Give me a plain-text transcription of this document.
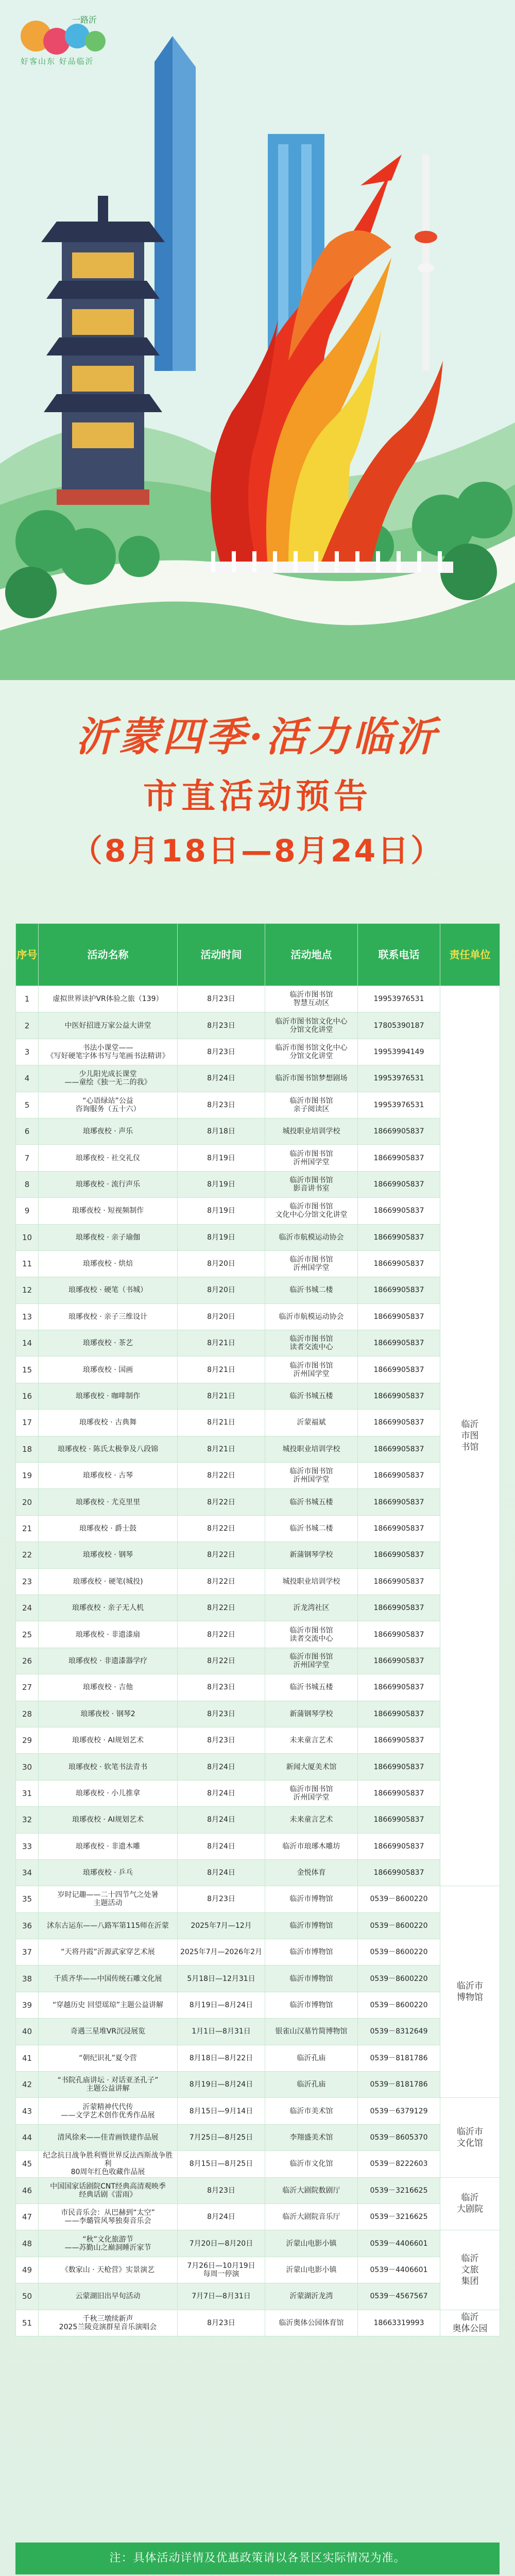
一路沂
好客山东 好品临沂
沂蒙四季·活力临沂
市直活动预告
（8月18日—8月24日）
序号	活动名称	活动时间	活动地点	联系电话	责任单位
1	虚拟世界读护VR体验之旅（139）	8月23日	临沂市图书馆
智慧互动区	19953976531	临沂
市图
书馆
2	中医好招进万家公益大讲堂	8月23日	临沂市图书馆文化中心
分馆文化讲堂	17805390187	
3	书法小课堂——
《写好硬笔字体书写与笔画书法精讲》	8月23日	临沂市图书馆文化中心
分馆文化讲堂	19953994149	
4	少儿阳光成长课堂
——童绘《独一无二的我》	8月24日	临沂市图书馆梦想剧场	19953976531	
5	“心语绿站”公益
咨询服务（五十六）	8月23日	临沂市图书馆
亲子阅读区	19953976531	
6	琅琊夜校 · 声乐	8月18日	城投职业培训学校	18669905837	
7	琅琊夜校 · 社交礼仪	8月19日	临沂市图书馆
沂州国学堂	18669905837	
8	琅琊夜校 · 流行声乐	8月19日	临沂市图书馆
影音讲书室	18669905837	
9	琅琊夜校 · 短视频制作	8月19日	临沂市图书馆
文化中心分馆文化讲堂	18669905837	
10	琅琊夜校 · 亲子瑜伽	8月19日	临沂市航模运动协会	18669905837	
11	琅琊夜校 · 烘焙	8月20日	临沂市图书馆
沂州国学堂	18669905837	
12	琅琊夜校 · 硬笔（书城）	8月20日	临沂书城二楼	18669905837	
13	琅琊夜校 · 亲子三维设计	8月20日	临沂市航模运动协会	18669905837	
14	琅琊夜校 · 茶艺	8月21日	临沂市图书馆
读者交流中心	18669905837	
15	琅琊夜校 · 国画	8月21日	临沂市图书馆
沂州国学堂	18669905837	
16	琅琊夜校 · 咖啡制作	8月21日	临沂书城五楼	18669905837	
17	琅琊夜校 · 古典舞	8月21日	沂蒙福斌	18669905837	
18	琅琊夜校 · 陈氏太极拳及八段锦	8月21日	城投职业培训学校	18669905837	
19	琅琊夜校 · 古琴	8月22日	临沂市图书馆
沂州国学堂	18669905837	
20	琅琊夜校 · 尤克里里	8月22日	临沂书城五楼	18669905837	
21	琅琊夜校 · 爵士鼓	8月22日	临沂书城二楼	18669905837	
22	琅琊夜校 · 钢琴	8月22日	新蒲钢琴学校	18669905837	
23	琅琊夜校 · 硬笔(城投)	8月22日	城投职业培训学校	18669905837	
24	琅琊夜校 · 亲子无人机	8月22日	沂龙湾社区	18669905837	
25	琅琊夜校 · 非遗漆扇	8月22日	临沂市图书馆
读者交流中心	18669905837	
26	琅琊夜校 · 非遗漆器学疗	8月22日	临沂市图书馆
沂州国学堂	18669905837	
27	琅琊夜校 · 吉他	8月23日	临沂书城五楼	18669905837	
28	琅琊夜校 · 钢琴2	8月23日	新蒲钢琴学校	18669905837	
29	琅琊夜校 · AI规划艺术	8月23日	未来童言艺术	18669905837	
30	琅琊夜校 · 软笔书法青书	8月24日	新闻大厦美术馆	18669905837	
31	琅琊夜校 · 小儿推拿	8月24日	临沂市图书馆
沂州国学堂	18669905837	
32	琅琊夜校 · AI规划艺术	8月24日	未来童言艺术	18669905837	
33	琅琊夜校 · 非遗木雕	8月24日	临沂市琅琊木雕坊	18669905837	
34	琅琊夜校 · 乒乓	8月24日	金悦体育	18669905837	
35	岁时记趣——二十四节气之处暑
主题活动	8月23日	临沂市博物馆	0539－8600220	临沂市
博物馆
36	沭东古运东——八路军第115师在沂蒙	2025年7月—12月	临沂市博物馆	0539－8600220	
37	“天将丹霞”沂源武家穿艺术展	2025年7月—2026年2月	临沂市博物馆	0539－8600220	
38	千质齐华——中国传统石雕文化展	5月18日—12月31日	临沂市博物馆	0539－8600220	
39	“穿越历史 回望瑶琼”主题公益讲解	8月19日—8月24日	临沂市博物馆	0539－8600220	
40	奇遇三星堆VR沉浸展览	1月1日—8月31日	银雀山汉墓竹简博物馆	0539－8312649	
41	“朝纪识礼”夏令营	8月18日—8月22日	临沂孔庙	0539－8181786	
42	“书院孔庙讲坛 · 对话亚圣孔子”
主题公益讲解	8月19日—8月24日	临沂孔庙	0539－8181786	
43	沂蒙精神代代传
——文学艺术创作优秀作品展	8月15日—9月14日	临沂市美术馆	0539－6379129	临沂市
文化馆
44	清风徐来——佳青画铁建作品展	7月25日—8月25日	李翔盛美术馆	0539－8605370	
45	纪念抗日战争胜利暨世界反法西斯战争胜利
80周年红色收藏作品展	8月15日—8月25日	临沂市文化馆	0539－8222603	
46	中国国家话剧院CNT经典高清观映季
经典话剧《雷雨》	8月23日	临沂大剧院数剧厅	0539－3216625	临沂
大剧院
47	市民音乐会：从巴赫到“太空”
——李璐管风琴独奏音乐会	8月24日	临沂大剧院音乐厅	0539－3216625	
48	“秋”文化旅游节
——苏勤山之巅洞睡沂家节	7月20日—8月20日	沂蒙山电影小镇	0539－4406601	临沂
文旅
集团
49	《数家山 · 天枪营》实景演艺	7月26日—10月19日
每周一停演	沂蒙山电影小镇	0539－4406601	
50	云蒙湖旧出早旬活动	7月7日—8月31日	沂蒙湖沂龙湾	0539－4567567	
51	千秋三墩续新声
2025兰陵竞演群星音乐演唱会	8月23日	临沂奥体公园体育馆	18663319993	临沂
奥体公园
注：具体活动详情及优惠政策请以各景区实际情况为准。
